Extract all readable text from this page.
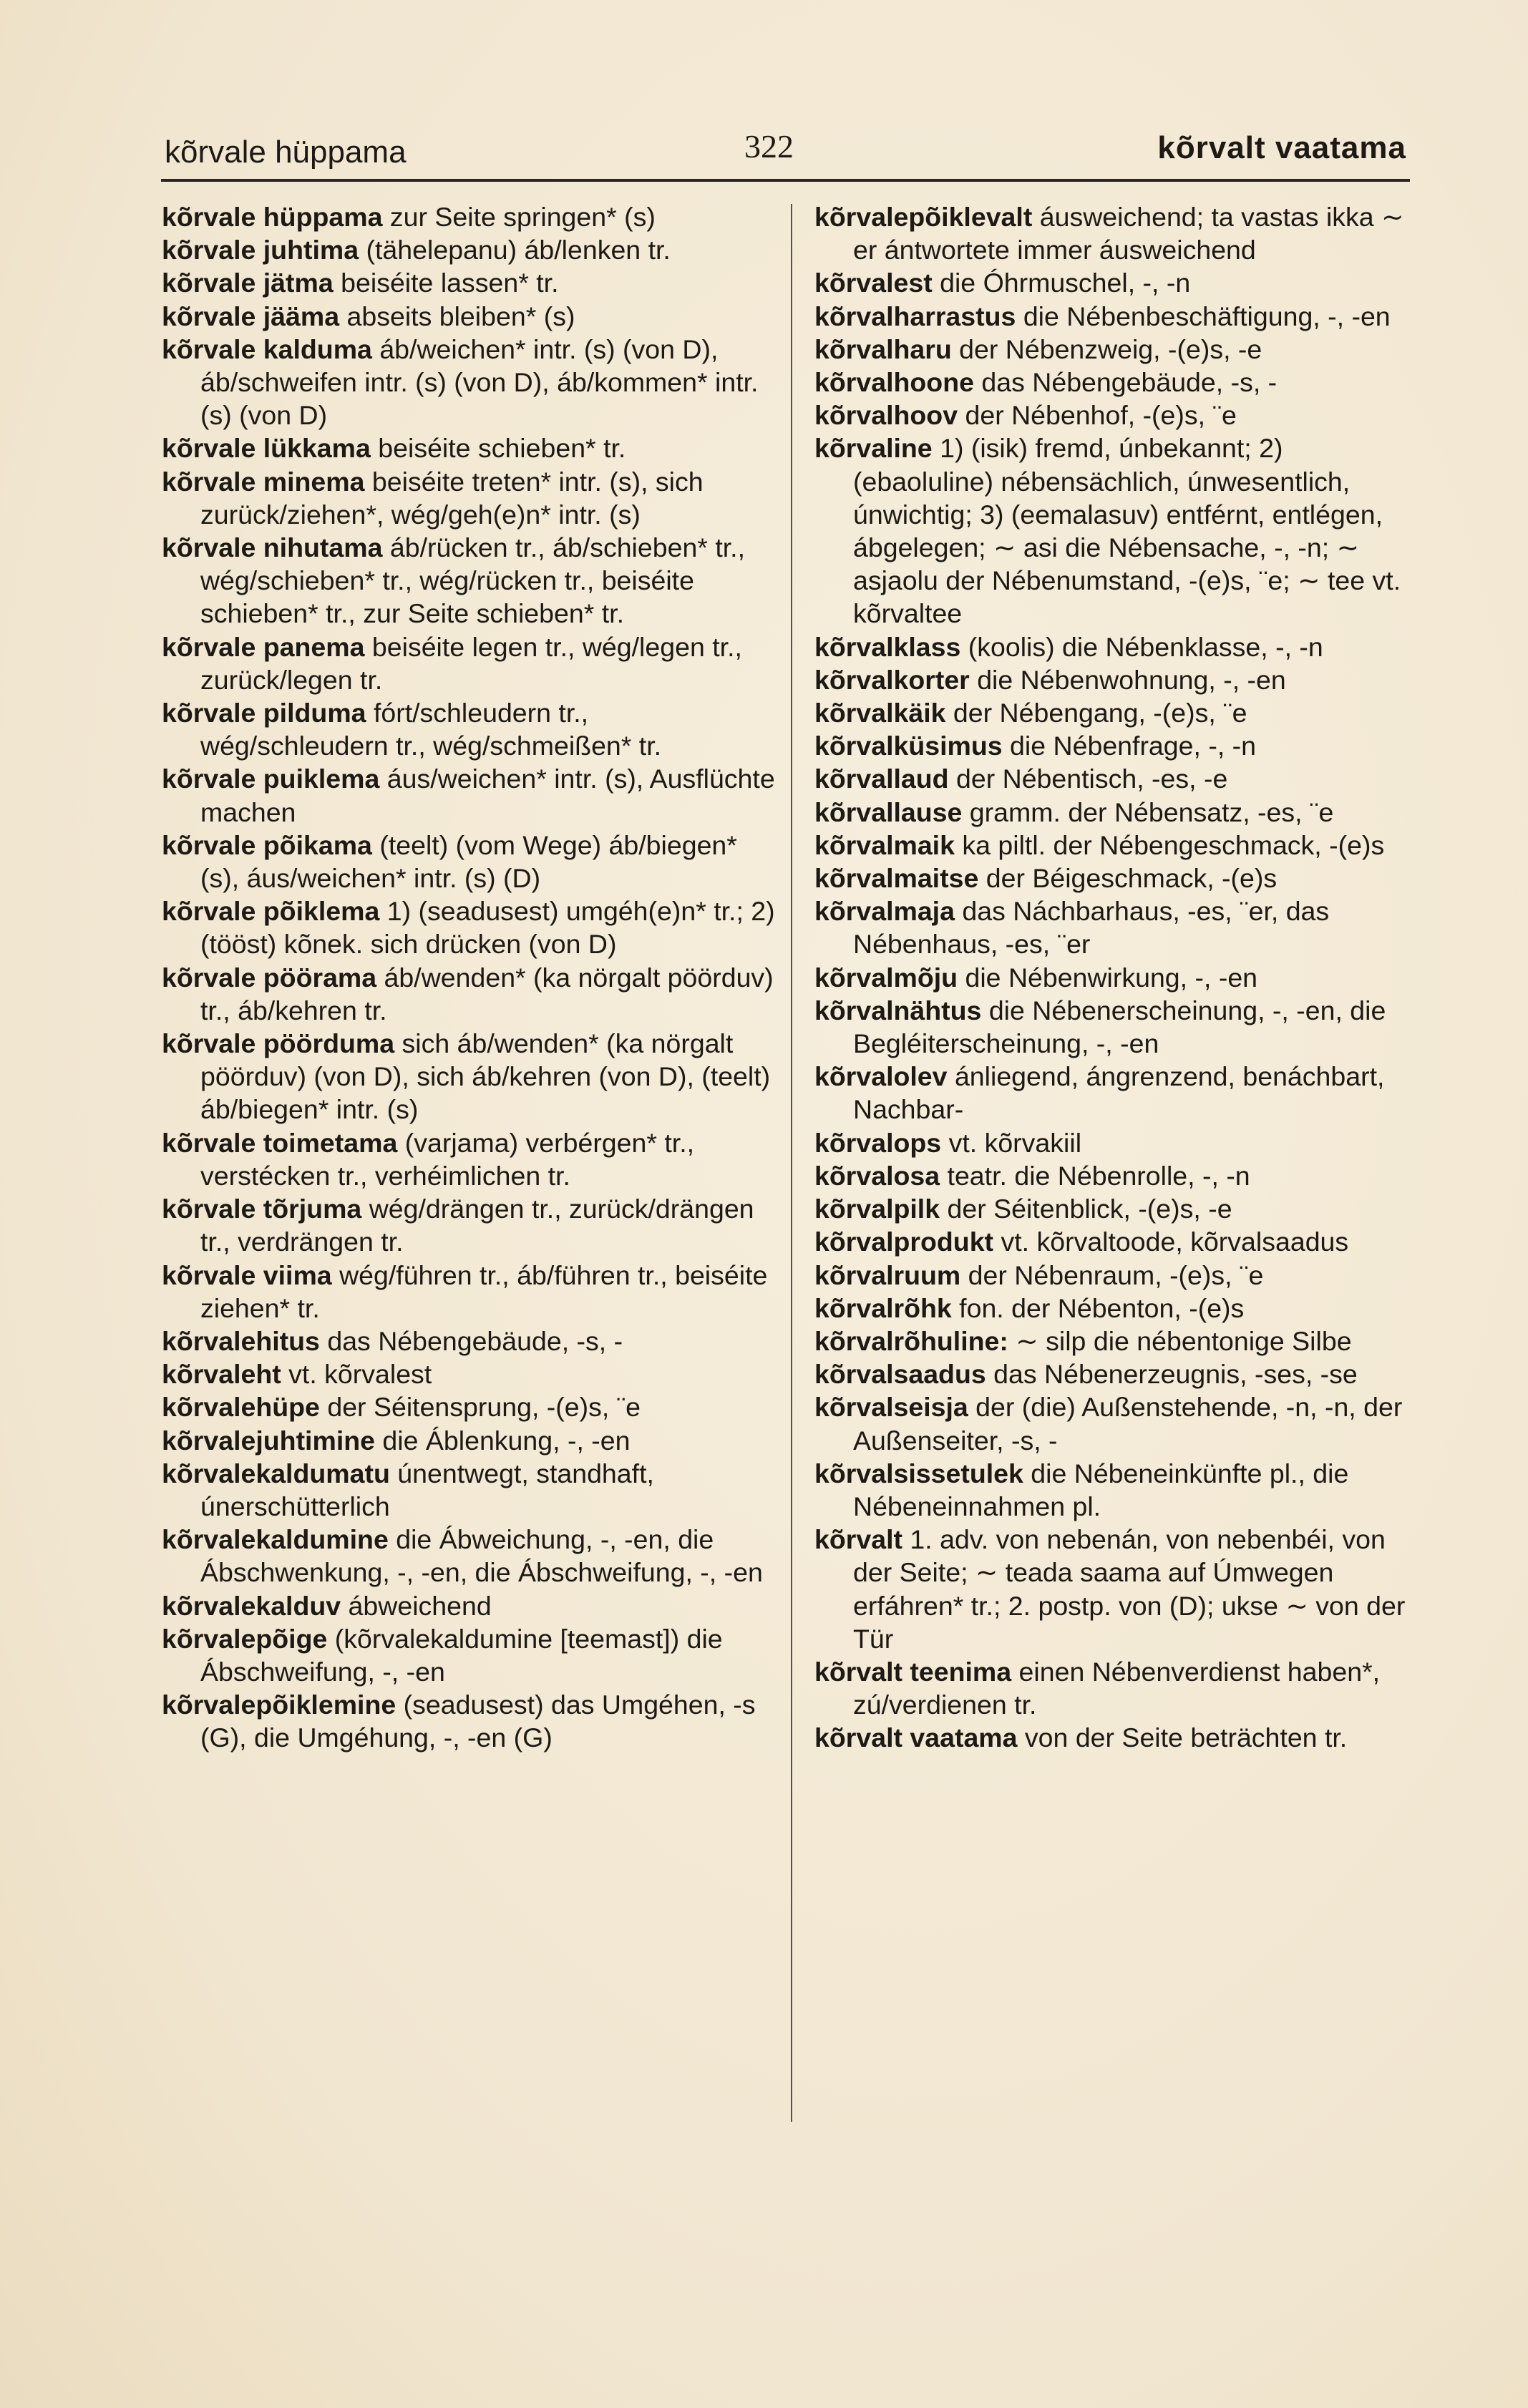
kõrvale hüppama	322	kõrvalt vaatama

kõrvale hüppama zur Seite springen* (s)

kõrvale juhtima (tähelepanu) áb/lenken tr.

kõrvale jätma beiséite lassen* tr.

kõrvale jääma abseits bleiben* (s)

kõrvale kalduma áb/weichen* intr. (s) (von D), áb/schweifen intr. (s) (von D), áb/kommen* intr. (s) (von D)

kõrvale lükkama beiséite schieben* tr.

kõrvale minema beiséite treten* intr. (s), sich zurück/ziehen*, wég/geh(e)n* intr. (s)

kõrvale nihutama áb/rücken tr., áb/schieben* tr., wég/schieben* tr., wég/rücken tr., beiséite schieben* tr., zur Seite schieben* tr.

kõrvale panema beiséite legen tr., wég/legen tr., zurück/legen tr.

kõrvale pilduma fórt/schleudern tr., wég/schleudern tr., wég/schmeißen* tr.

kõrvale puiklema áus/weichen* intr. (s), Ausflüchte machen

kõrvale põikama (teelt) (vom Wege) áb/biegen* (s), áus/weichen* intr. (s) (D)

kõrvale põiklema 1) (seadusest) umgéh(e)n* tr.; 2) (tööst) kõnek. sich drücken (von D)

kõrvale pöörama áb/wenden* (ka nörgalt pöörduv) tr., áb/kehren tr.

kõrvale pöörduma sich áb/wenden* (ka nörgalt pöörduv) (von D), sich áb/kehren (von D), (teelt) áb/biegen* intr. (s)

kõrvale toimetama (varjama) verbérgen* tr., verstécken tr., verhéimlichen tr.

kõrvale tõrjuma wég/drängen tr., zurück/drängen tr., verdrängen tr.

kõrvale viima wég/führen tr., áb/führen tr., beiséite ziehen* tr.

kõrvalehitus das Nébengebäude, -s, -

kõrvaleht vt. kõrvalest

kõrvalehüpe der Séitensprung, -(e)s, ¨e

kõrvalejuhtimine die Áblenkung, -, -en

kõrvalekaldumatu únentwegt, standhaft, únerschütterlich

kõrvalekaldumine die Ábweichung, -, -en, die Ábschwenkung, -, -en, die Ábschweifung, -, -en

kõrvalekalduv ábweichend

kõrvalepõige (kõrvalekaldumine [teemast]) die Ábschweifung, -, -en

kõrvalepõiklemine (seadusest) das Umgéhen, -s (G), die Umgéhung, -, -en (G)

kõrvalepõiklevalt áusweichend; ta vastas ikka ∼ er ántwortete immer áusweichend

kõrvalest die Óhrmuschel, -, -n

kõrvalharrastus die Nébenbeschäftigung, -, -en

kõrvalharu der Nébenzweig, -(e)s, -e

kõrvalhoone das Nébengebäude, -s, -

kõrvalhoov der Nébenhof, -(e)s, ¨e

kõrvaline 1) (isik) fremd, únbekannt; 2) (ebaoluline) nébensächlich, únwesentlich, únwichtig; 3) (eemalasuv) entférnt, entlégen, ábgelegen; ∼ asi die Nébensache, -, -n; ∼ asjaolu der Nébenumstand, -(e)s, ¨e; ∼ tee vt. kõrvaltee

kõrvalklass (koolis) die Nébenklasse, -, -n

kõrvalkorter die Nébenwohnung, -, -en

kõrvalkäik der Nébengang, -(e)s, ¨e

kõrvalküsimus die Nébenfrage, -, -n

kõrvallaud der Nébentisch, -es, -e

kõrvallause gramm. der Nébensatz, -es, ¨e

kõrvalmaik ka piltl. der Nébengeschmack, -(e)s

kõrvalmaitse der Béigeschmack, -(e)s

kõrvalmaja das Náchbarhaus, -es, ¨er, das Nébenhaus, -es, ¨er

kõrvalmõju die Nébenwirkung, -, -en

kõrvalnähtus die Nébenerscheinung, -, -en, die Begléiterscheinung, -, -en

kõrvalolev ánliegend, ángrenzend, benáchbart, Nachbar-

kõrvalops vt. kõrvakiil

kõrvalosa teatr. die Nébenrolle, -, -n

kõrvalpilk der Séitenblick, -(e)s, -e

kõrvalprodukt vt. kõrvaltoode, kõrvalsaadus

kõrvalruum der Nébenraum, -(e)s, ¨e

kõrvalrõhk fon. der Nébenton, -(e)s

kõrvalrõhuline: ∼ silp die nébentonige Silbe

kõrvalsaadus das Nébenerzeugnis, -ses, -se

kõrvalseisja der (die) Außenstehende, -n, -n, der Außenseiter, -s, -

kõrvalsissetulek die Nébeneinkünfte pl., die Nébeneinnahmen pl.

kõrvalt 1. adv. von nebenán, von nebenbéi, von der Seite; ∼ teada saama auf Úmwegen erfáhren* tr.; 2. postp. von (D); ukse ∼ von der Tür

kõrvalt teenima einen Nébenverdienst haben*, zú/verdienen tr.

kõrvalt vaatama von der Seite beträchten tr.
